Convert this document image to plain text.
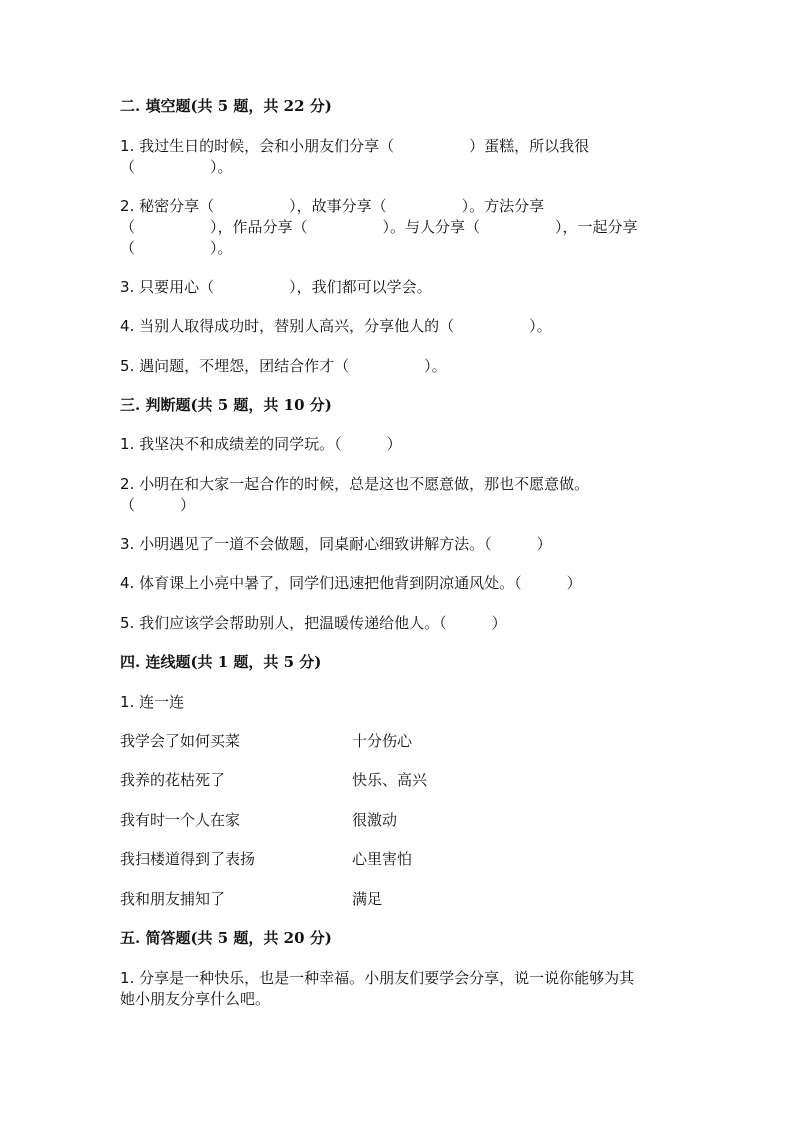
二. 填空题(共 5 题，共 22 分)
1. 我过生日的时候，会和小朋友们分享（　　　　　）蛋糕，所以我很
（　　　　　）。
2. 秘密分享（　　　　　），故事分享（　　　　　）。方法分享
（　　　　　），作品分享（　　　　　）。与人分享（　　　　　），一起分享
（　　　　　）。
3. 只要用心（　　　　　），我们都可以学会。
4. 当别人取得成功时，替别人高兴，分享他人的（　　　　　）。
5. 遇问题，不埋怨，团结合作才（　　　　　）。
三. 判断题(共 5 题，共 10 分)
1. 我坚决不和成绩差的同学玩。（　　　）
2. 小明在和大家一起合作的时候，总是这也不愿意做，那也不愿意做。
（　　　）
3. 小明遇见了一道不会做题，同桌耐心细致讲解方法。（　　　）
4. 体育课上小亮中暑了，同学们迅速把他背到阴凉通风处。（　　　）
5. 我们应该学会帮助别人，把温暖传递给他人。（　　　）
四. 连线题(共 1 题，共 5 分)
1. 连一连
我学会了如何买菜	十分伤心
我养的花枯死了	快乐、高兴
我有时一个人在家	很激动
我扫楼道得到了表扬	心里害怕
我和朋友捕知了	满足
五. 简答题(共 5 题，共 20 分)
1. 分享是一种快乐，也是一种幸福。小朋友们要学会分享，说一说你能够为其
她小朋友分享什么吧。
